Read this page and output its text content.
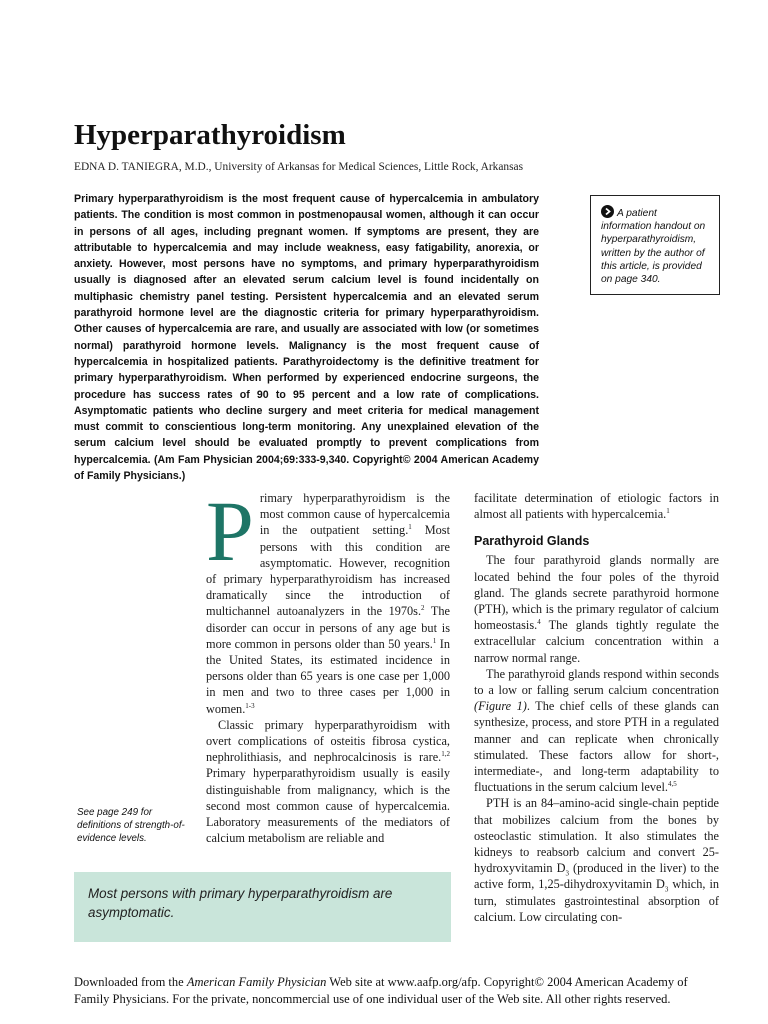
Hyperparathyroidism
EDNA D. TANIEGRA, M.D., University of Arkansas for Medical Sciences, Little Rock, Arkansas
Primary hyperparathyroidism is the most frequent cause of hypercalcemia in ambulatory patients. The condition is most common in postmenopausal women, although it can occur in persons of all ages, including pregnant women. If symptoms are present, they are attributable to hypercalcemia and may include weakness, easy fatigability, anorexia, or anxiety. However, most persons have no symptoms, and primary hyperparathyroidism usually is diagnosed after an elevated serum calcium level is found incidentally on multiphasic chemistry panel testing. Persistent hypercalcemia and an elevated serum parathyroid hormone level are the diagnostic criteria for primary hyperparathyroidism. Other causes of hypercalcemia are rare, and usually are associated with low (or sometimes normal) parathyroid hormone levels. Malignancy is the most frequent cause of hypercalcemia in hospitalized patients. Parathyroidectomy is the definitive treatment for primary hyperparathyroidism. When performed by experienced endocrine surgeons, the procedure has success rates of 90 to 95 percent and a low rate of complications. Asymptomatic patients who decline surgery and meet criteria for medical management must commit to conscientious long-term monitoring. Any unexplained elevation of the serum calcium level should be evaluated promptly to prevent complications from hypercalcemia. (Am Fam Physician 2004;69:333-9,340. Copyright© 2004 American Academy of Family Physicians.)
A patient information handout on hyperparathyroidism, written by the author of this article, is provided on page 340.

Primary hyperparathyroidism is the most common cause of hypercalcemia in the outpatient setting.$^1$ Most persons with this condition are asymptomatic. However, recognition of primary hyperparathyroidism has increased dramatically since the introduction of multichannel autoanalyzers in the 1970s.$^2$ The disorder can occur in persons of any age but is more common in persons older than 50 years.$^1$ In the United States, its estimated incidence in persons older than 65 years is one case per 1,000 in men and two to three cases per 1,000 in women.$^{1-3}$

Classic primary hyperparathyroidism with overt complications of osteitis fibrosa cystica, nephrolithiasis, and nephrocalcinosis is rare.$^{1,2}$ Primary hyperparathyroidism usually is easily distinguishable from malignancy, which is the second most common cause of hypercalcemia. Laboratory measurements of the mediators of calcium metabolism are reliable and

facilitate determination of etiologic factors in almost all patients with hypercalcemia.$^1$

Parathyroid Glands

The four parathyroid glands normally are located behind the four poles of the thyroid gland. The glands secrete parathyroid hormone (PTH), which is the primary regulator of calcium homeostasis.$^4$ The glands tightly regulate the extracellular calcium concentration within a narrow normal range.

The parathyroid glands respond within seconds to a low or falling serum calcium concentration (Figure 1). The chief cells of these glands can synthesize, process, and store PTH in a regulated manner and can replicate when chronically stimulated. These factors allow for short-, intermediate-, and long-term adaptability to fluctuations in the serum calcium level.$^{4,5}$

PTH is an 84–amino-acid single-chain peptide that mobilizes calcium from the bones by osteoclastic stimulation. It also stimulates the kidneys to reabsorb calcium and convert 25-hydroxyvitamin $D_3$ (produced in the liver) to the active form, 1,25-dihydroxyvitamin $D_3$ which, in turn, stimulates gastrointestinal absorption of calcium. Low circulating con-

See page 249 for definitions of strength-of-evidence levels.
Most persons with primary hyperparathyroidism are asymptomatic.
Downloaded from the American Family Physician Web site at www.aafp.org/afp. Copyright© 2004 American Academy of Family Physicians. For the private, noncommercial use of one individual user of the Web site. All other rights reserved.
